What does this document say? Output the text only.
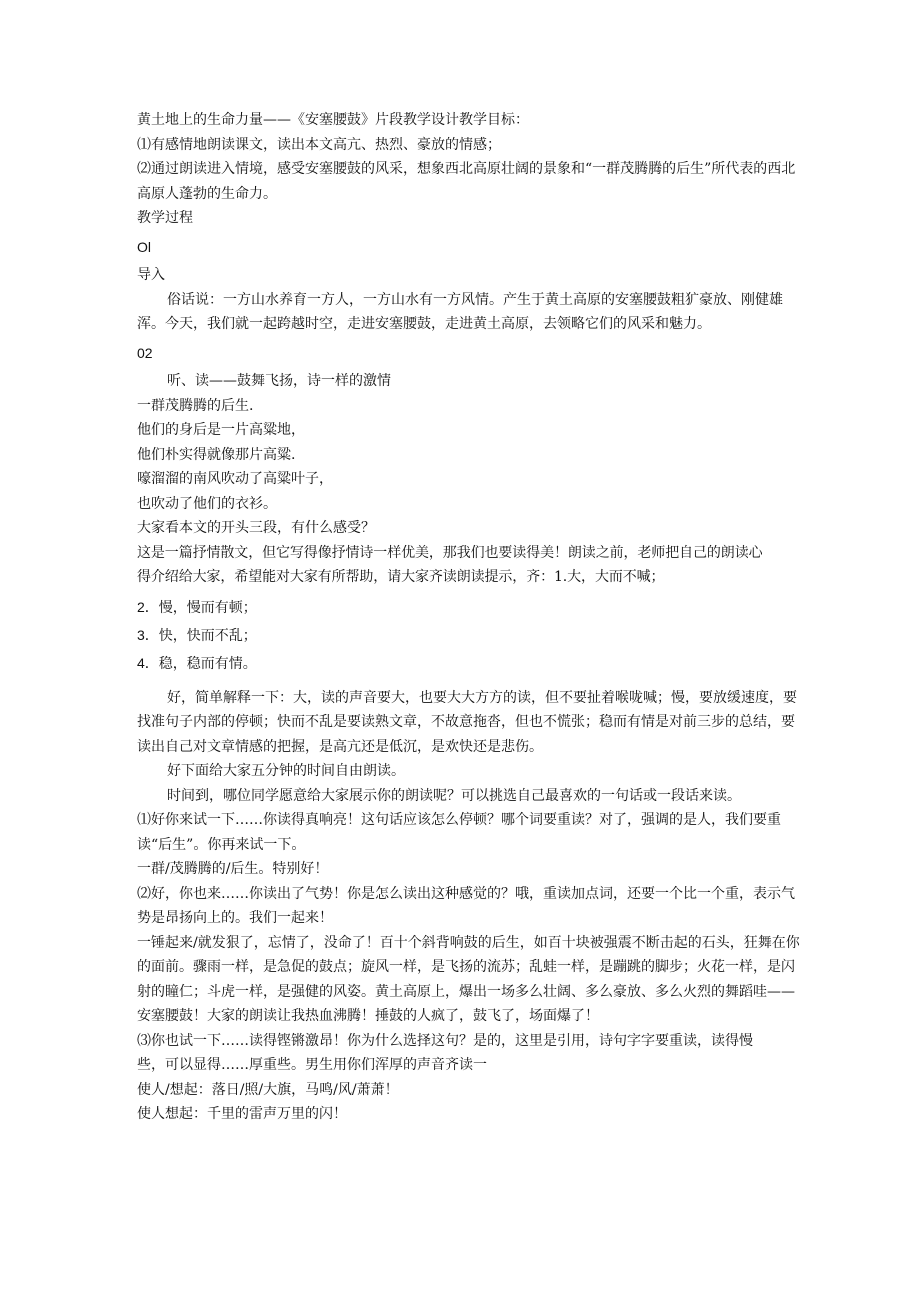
黄土地上的生命力量——《安塞腰鼓》片段教学设计教学目标：

⑴有感情地朗读课文，读出本文高亢、热烈、豪放的情感；

⑵通过朗读进入情境，感受安塞腰鼓的风采，想象西北高原壮阔的景象和“一群茂腾腾的后生”所代表的西北高原人蓬勃的生命力。

教学过程

Ol

导入

俗话说：一方山水养育一方人，一方山水有一方风情。产生于黄土高原的安塞腰鼓粗犷豪放、刚健雄浑。今天，我们就一起跨越时空，走进安塞腰鼓，走进黄土高原，去领略它们的风采和魅力。

02

听、读——鼓舞飞扬，诗一样的激情

一群茂腾腾的后生.

他们的身后是一片高粱地，

他们朴实得就像那片高粱.

嚎溜溜的南风吹动了高粱叶子，

也吹动了他们的衣衫。

大家看本文的开头三段，有什么感受？

这是一篇抒情散文，但它写得像抒情诗一样优美，那我们也要读得美！朗读之前，老师把自己的朗读心得介绍给大家，希望能对大家有所帮助，请大家齐读朗读提示，齐：1.大，大而不喊；

2．慢，慢而有顿；

3．快，快而不乱；

4．稳，稳而有情。

好，简单解释一下：大，读的声音要大，也要大大方方的读，但不要扯着喉咙喊；慢，要放缓速度，要找准句子内部的停顿；快而不乱是要读熟文章，不故意拖沓，但也不慌张；稳而有情是对前三步的总结，要读出自己对文章情感的把握，是高亢还是低沉，是欢快还是悲伤。

好下面给大家五分钟的时间自由朗读。

时间到，哪位同学愿意给大家展示你的朗读呢？可以挑选自己最喜欢的一句话或一段话来读。

⑴好你来试一下……你读得真响亮！这句话应该怎么停顿？哪个词要重读？对了，强调的是人，我们要重读“后生”。你再来试一下。

一群/茂腾腾的/后生。特别好！

⑵好，你也来……你读出了气势！你是怎么读出这种感觉的？哦，重读加点词，还要一个比一个重，表示气势是昂扬向上的。我们一起来！

一锤起来/就发狠了，忘情了，没命了！百十个斜背响鼓的后生，如百十块被强震不断击起的石头，狂舞在你的面前。骤雨一样，是急促的鼓点；旋风一样，是飞扬的流苏；乱蛙一样，是蹦跳的脚步；火花一样，是闪射的瞳仁；斗虎一样，是强健的风姿。黄土高原上，爆出一场多么壮阔、多么豪放、多么火烈的舞蹈哇——安塞腰鼓！大家的朗读让我热血沸腾！捶鼓的人疯了，鼓飞了，场面爆了！

⑶你也试一下……读得铿锵激昂！你为什么选择这句？是的，这里是引用，诗句字字要重读，读得慢些，可以显得……厚重些。男生用你们浑厚的声音齐读一

使人/想起：落日/照/大旗，马鸣/风/萧萧！

使人想起：千里的雷声万里的闪！
